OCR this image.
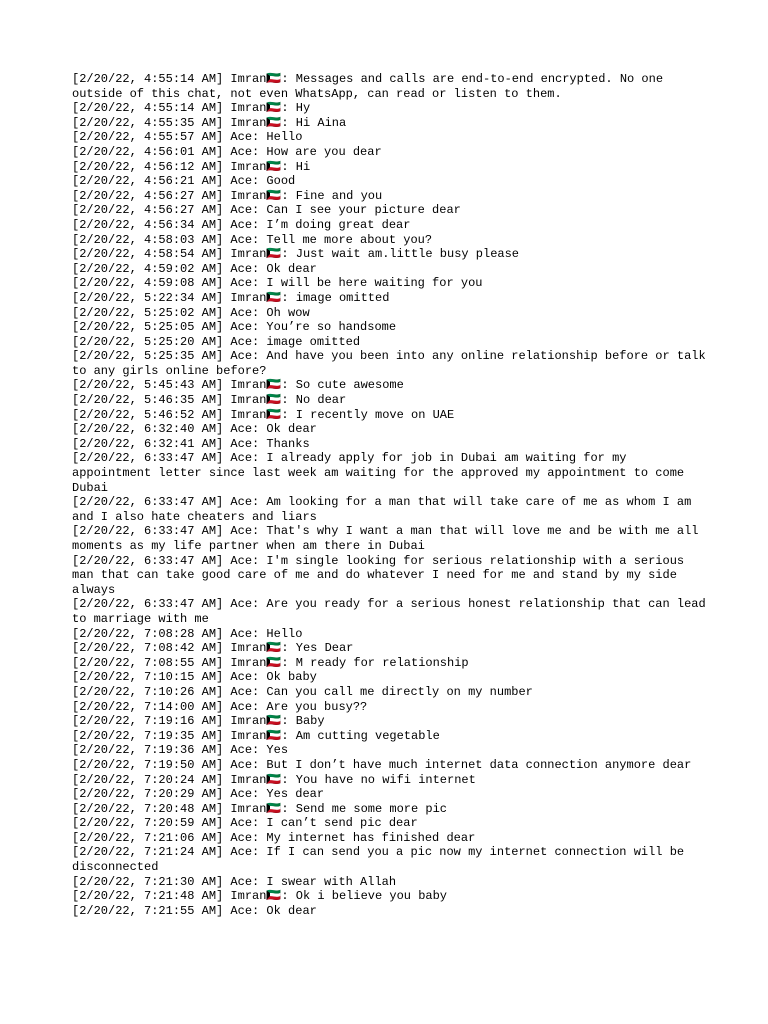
[2/20/22, 4:55:14 AM] Imran🇰🇼: Messages and calls are end-to-end encrypted. No one outside of this chat, not even WhatsApp, can read or listen to them.

[2/20/22, 4:55:14 AM] Imran🇰🇼: Hy

[2/20/22, 4:55:35 AM] Imran🇰🇼: Hi Aina

[2/20/22, 4:55:57 AM] Ace: Hello

[2/20/22, 4:56:01 AM] Ace: How are you dear

[2/20/22, 4:56:12 AM] Imran🇰🇼: Hi

[2/20/22, 4:56:21 AM] Ace: Good

[2/20/22, 4:56:27 AM] Imran🇰🇼: Fine and you

[2/20/22, 4:56:27 AM] Ace: Can I see your picture dear

[2/20/22, 4:56:34 AM] Ace: I’m doing great dear

[2/20/22, 4:58:03 AM] Ace: Tell me more about you?

[2/20/22, 4:58:54 AM] Imran🇰🇼: Just wait am.little busy please

[2/20/22, 4:59:02 AM] Ace: Ok dear

[2/20/22, 4:59:08 AM] Ace: I will be here waiting for you

[2/20/22, 5:22:34 AM] Imran🇰🇼: image omitted

[2/20/22, 5:25:02 AM] Ace: Oh wow

[2/20/22, 5:25:05 AM] Ace: You’re so handsome

[2/20/22, 5:25:20 AM] Ace: image omitted

[2/20/22, 5:25:35 AM] Ace: And have you been into any online relationship before or talk to any girls online before?

[2/20/22, 5:45:43 AM] Imran🇰🇼: So cute awesome

[2/20/22, 5:46:35 AM] Imran🇰🇼: No dear

[2/20/22, 5:46:52 AM] Imran🇰🇼: I recently move on UAE

[2/20/22, 6:32:40 AM] Ace: Ok dear

[2/20/22, 6:32:41 AM] Ace: Thanks

[2/20/22, 6:33:47 AM] Ace: I already apply for job in Dubai am waiting for my appointment letter since last week am waiting for the approved my appointment to come Dubai

[2/20/22, 6:33:47 AM] Ace: Am looking for a man that will take care of me as whom I am and I also hate cheaters and liars

[2/20/22, 6:33:47 AM] Ace: That's why I want a man that will love me and be with me all moments as my life partner when am there in Dubai

[2/20/22, 6:33:47 AM] Ace: I'm single looking for serious relationship with a serious man that can take good care of me and do whatever I need for me and stand by my side always

[2/20/22, 6:33:47 AM] Ace: Are you ready for a serious honest relationship that can lead to marriage with me

[2/20/22, 7:08:28 AM] Ace: Hello

[2/20/22, 7:08:42 AM] Imran🇰🇼: Yes Dear

[2/20/22, 7:08:55 AM] Imran🇰🇼: M ready for relationship

[2/20/22, 7:10:15 AM] Ace: Ok baby

[2/20/22, 7:10:26 AM] Ace: Can you call me directly on my number

[2/20/22, 7:14:00 AM] Ace: Are you busy??

[2/20/22, 7:19:16 AM] Imran🇰🇼: Baby

[2/20/22, 7:19:35 AM] Imran🇰🇼: Am cutting vegetable

[2/20/22, 7:19:36 AM] Ace: Yes

[2/20/22, 7:19:50 AM] Ace: But I don’t have much internet data connection anymore dear

[2/20/22, 7:20:24 AM] Imran🇰🇼: You have no wifi internet

[2/20/22, 7:20:29 AM] Ace: Yes dear

[2/20/22, 7:20:48 AM] Imran🇰🇼: Send me some more pic

[2/20/22, 7:20:59 AM] Ace: I can’t send pic dear

[2/20/22, 7:21:06 AM] Ace: My internet has finished dear

[2/20/22, 7:21:24 AM] Ace: If I can send you a pic now my internet connection will be disconnected

[2/20/22, 7:21:30 AM] Ace: I swear with Allah

[2/20/22, 7:21:48 AM] Imran🇰🇼: Ok i believe you baby

[2/20/22, 7:21:55 AM] Ace: Ok dear
